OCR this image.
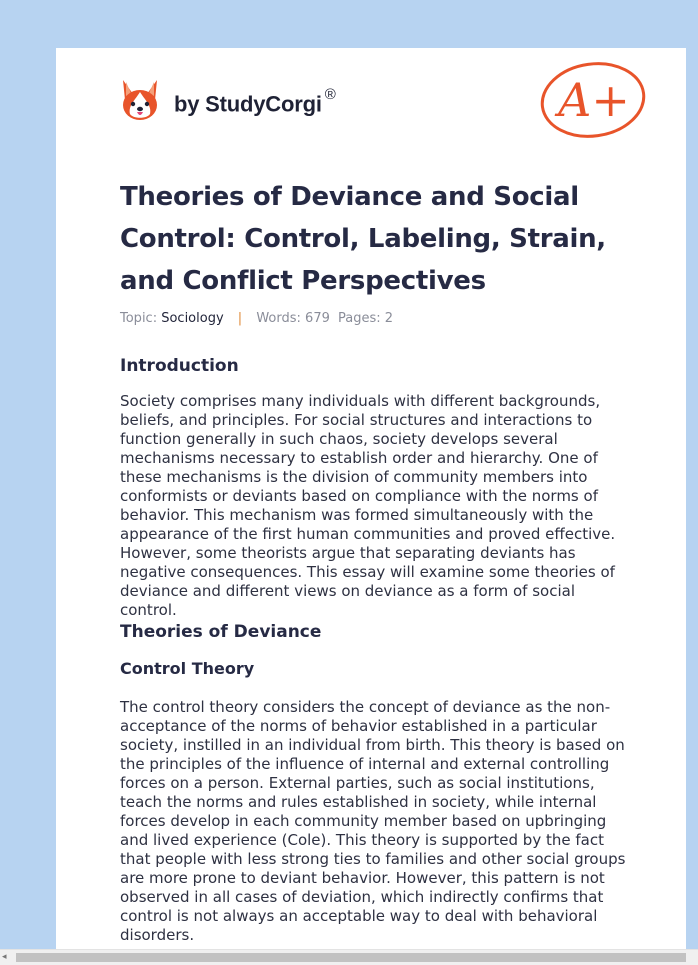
by StudyCorgi ®	A+
Theories of Deviance and Social Control: Control, Labeling, Strain, and Conflict Perspectives
Topic: Sociology | Words: 679 Pages: 2
Introduction

Society comprises many individuals with different backgrounds, beliefs, and principles. For social structures and interactions to function generally in such chaos, society develops several mechanisms necessary to establish order and hierarchy. One of these mechanisms is the division of community members into conformists or deviants based on compliance with the norms of behavior. This mechanism was formed simultaneously with the appearance of the first human communities and proved effective. However, some theorists argue that separating deviants has negative consequences. This essay will examine some theories of deviance and different views on deviance as a form of social control.

Theories of Deviance
Control Theory

The control theory considers the concept of deviance as the non-acceptance of the norms of behavior established in a particular society, instilled in an individual from birth. This theory is based on the principles of the influence of internal and external controlling forces on a person. External parties, such as social institutions, teach the norms and rules established in society, while internal forces develop in each community member based on upbringing and lived experience (Cole). This theory is supported by the fact that people with less strong ties to families and other social groups are more prone to deviant behavior. However, this pattern is not observed in all cases of deviation, which indirectly confirms that control is not always an acceptable way to deal with behavioral disorders.

◂
